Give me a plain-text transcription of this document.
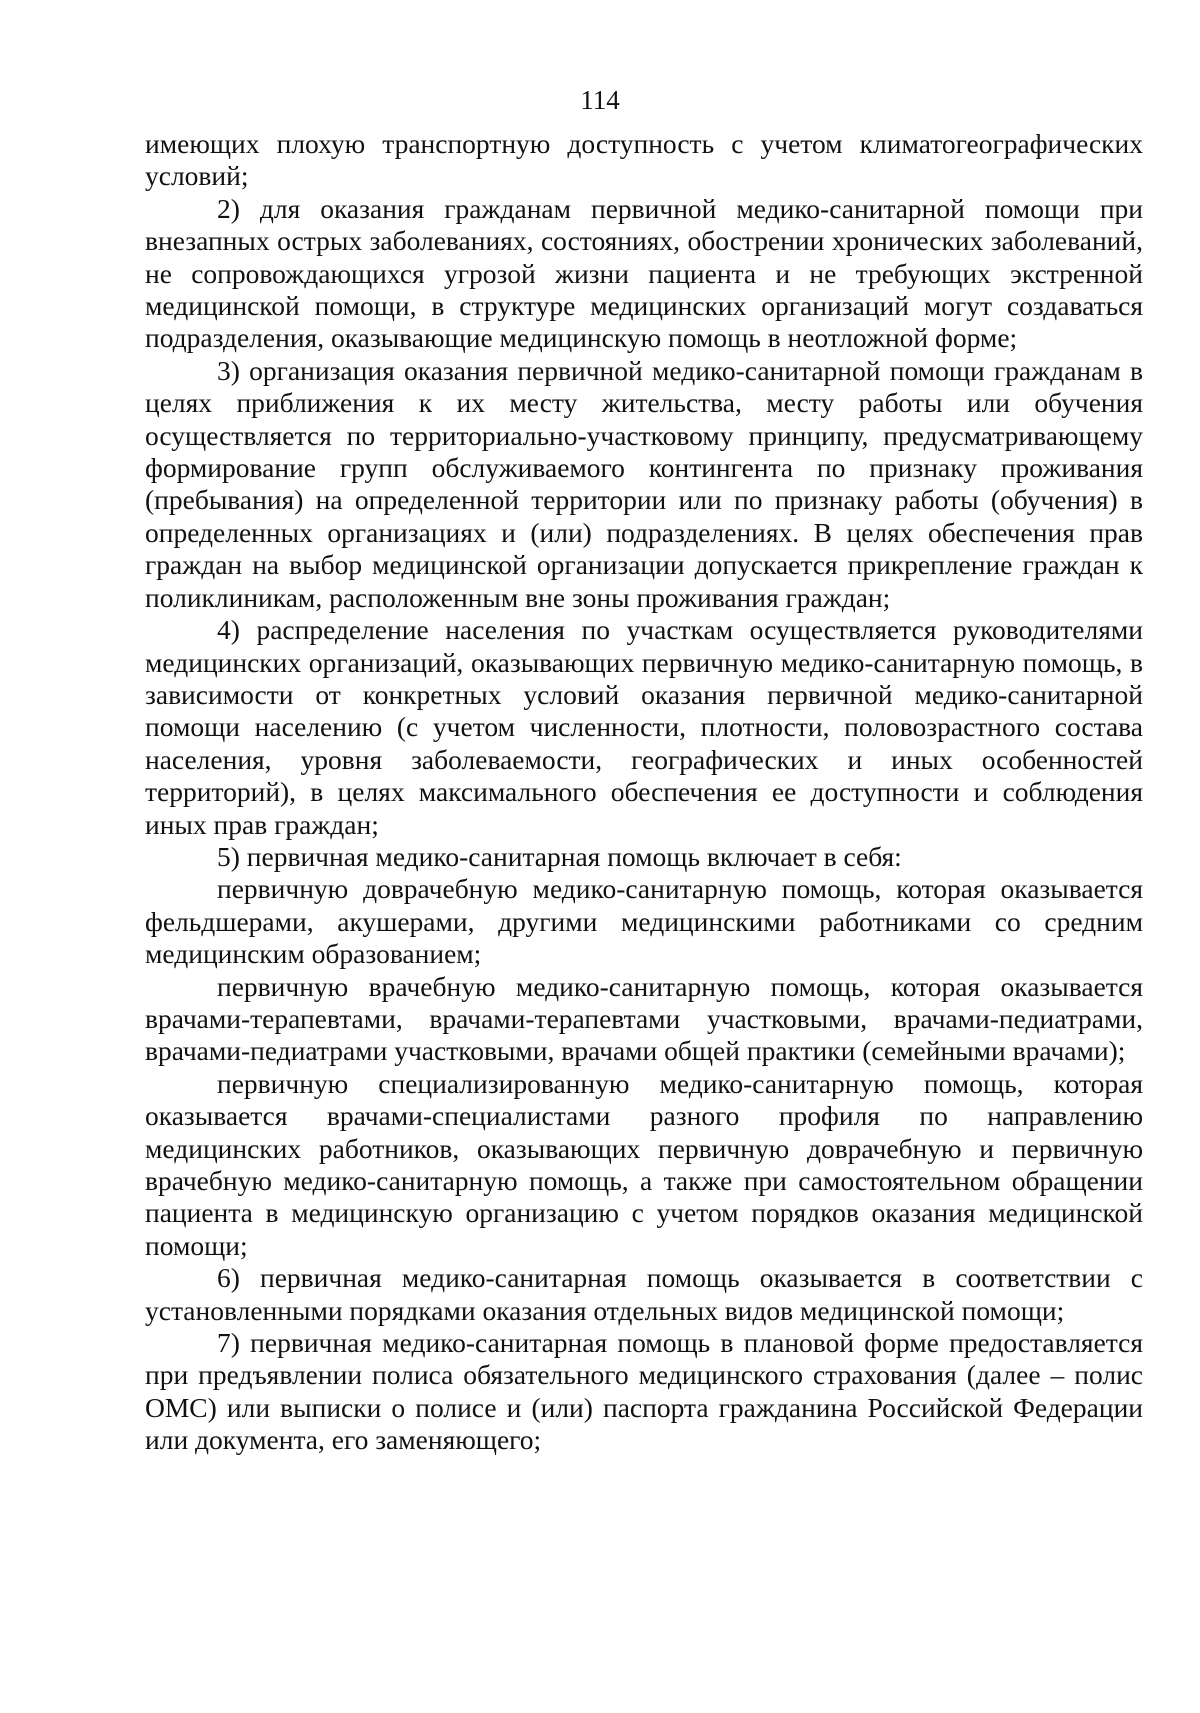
114

имеющих плохую транспортную доступность с учетом климатогеографических условий;

2) для оказания гражданам первичной медико-санитарной помощи при внезапных острых заболеваниях, состояниях, обострении хронических заболеваний, не сопровождающихся угрозой жизни пациента и не требующих экстренной медицинской помощи, в структуре медицинских организаций могут создаваться подразделения, оказывающие медицинскую помощь в неотложной форме;

3) организация оказания первичной медико-санитарной помощи гражданам в целях приближения к их месту жительства, месту работы или обучения осуществляется по территориально-участковому принципу, предусматривающему формирование групп обслуживаемого контингента по признаку проживания (пребывания) на определенной территории или по признаку работы (обучения) в определенных организациях и (или) подразделениях. В целях обеспечения прав граждан на выбор медицинской организации допускается прикрепление граждан к поликлиникам, расположенным вне зоны проживания граждан;

4) распределение населения по участкам осуществляется руководителями медицинских организаций, оказывающих первичную медико-санитарную помощь, в зависимости от конкретных условий оказания первичной медико-санитарной помощи населению (с учетом численности, плотности, половозрастного состава населения, уровня заболеваемости, географических и иных особенностей территорий), в целях максимального обеспечения ее доступности и соблюдения иных прав граждан;

5) первичная медико-санитарная помощь включает в себя:

первичную доврачебную медико-санитарную помощь, которая оказывается фельдшерами, акушерами, другими медицинскими работниками со средним медицинским образованием;

первичную врачебную медико-санитарную помощь, которая оказывается врачами-терапевтами, врачами-терапевтами участковыми, врачами-педиатрами, врачами-педиатрами участковыми, врачами общей практики (семейными врачами);

первичную специализированную медико-санитарную помощь, которая оказывается врачами-специалистами разного профиля по направлению медицинских работников, оказывающих первичную доврачебную и первичную врачебную медико-санитарную помощь, а также при самостоятельном обращении пациента в медицинскую организацию с учетом порядков оказания медицинской помощи;

6) первичная медико-санитарная помощь оказывается в соответствии с установленными порядками оказания отдельных видов медицинской помощи;

7) первичная медико-санитарная помощь в плановой форме предоставляется при предъявлении полиса обязательного медицинского страхования (далее – полис ОМС) или выписки о полисе и (или) паспорта гражданина Российской Федерации или документа, его заменяющего;
